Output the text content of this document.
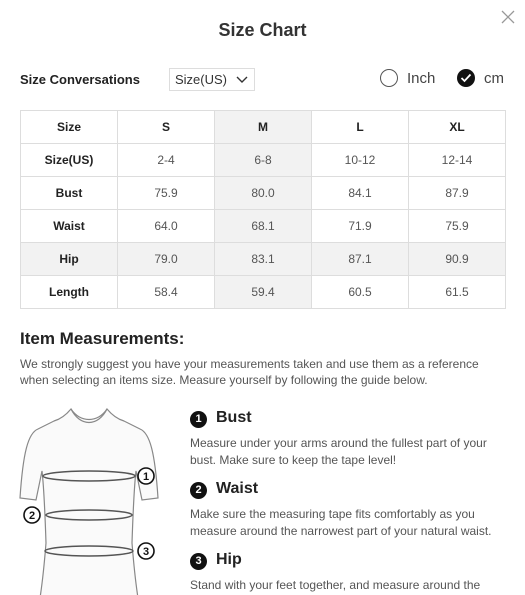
Size Chart
Size Conversations	Size(US)	Inch	cm
Size	S	M	L	XL
Size(US)	2-4	6-8	10-12	12-14
Bust	75.9	80.0	84.1	87.9
Waist	64.0	68.1	71.9	75.9
Hip	79.0	83.1	87.1	90.9
Length	58.4	59.4	60.5	61.5
Item Measurements:
We strongly suggest you have your measurements taken and use them as a reference when selecting an items size. Measure yourself by following the guide below.
1
2
3
1 Bust
Measure under your arms around the fullest part of your bust. Make sure to keep the tape level!
2 Waist
Make sure the measuring tape fits comfortably as you measure around the narrowest part of your natural waist.
3 Hip
Stand with your feet together, and measure around the
